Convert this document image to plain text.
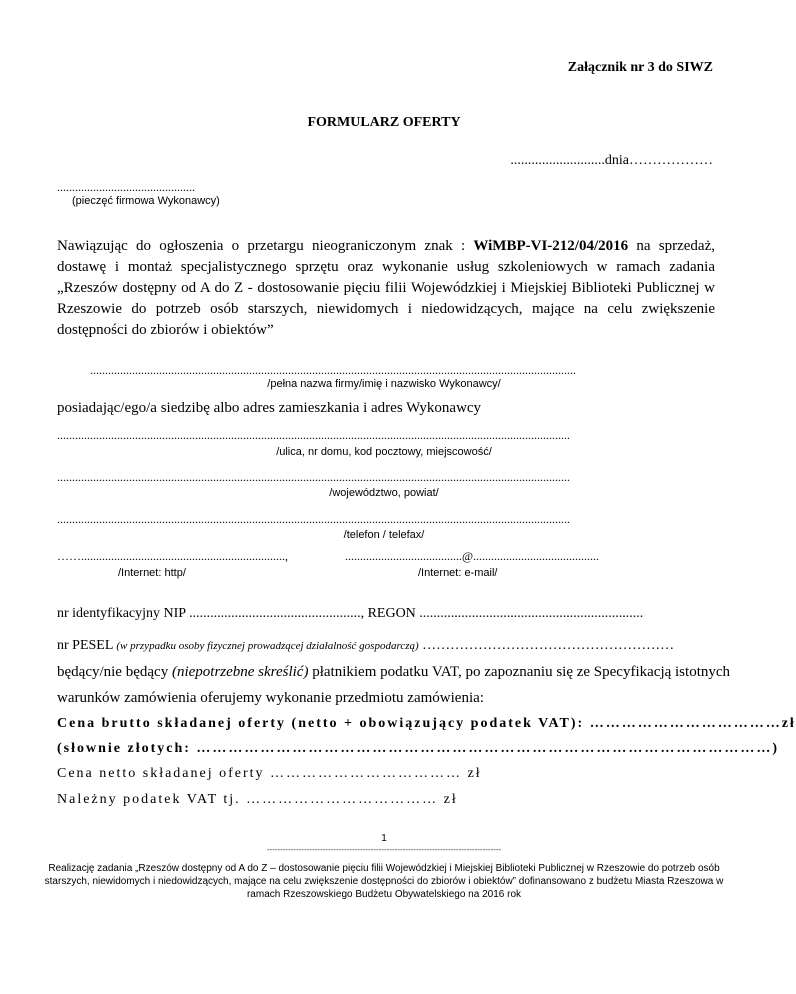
Załącznik nr 3 do SIWZ
FORMULARZ OFERTY
...........................dnia………………
..............................................
(pieczęć firmowa Wykonawcy)
Nawiązując do ogłoszenia o przetargu nieograniczonym znak : WiMBP-VI-212/04/2016 na sprzedaż, dostawę i montaż specjalistycznego sprzętu oraz wykonanie usług szkoleniowych w ramach zadania „Rzeszów dostępny od A do Z - dostosowanie pięciu filii Wojewódzkiej i Miejskiej Biblioteki Publicznej w Rzeszowie do potrzeb osób starszych, niewidomych i niedowidzących, mające na celu zwiększenie dostępności do zbiorów i obiektów”
..................................................................................................................................................................
/pełna nazwa firmy/imię i nazwisko Wykonawcy/
posiadając/ego/a siedzibę albo adres zamieszkania i adres Wykonawcy
...........................................................................................................................................................................
/ulica, nr domu, kod pocztowy, miejscowość/
...........................................................................................................................................................................
/województwo, powiat/
...........................................................................................................................................................................
/telefon / telefax/
……....................................................................,	.......................................@..........................................
/Internet: http/	/Internet: e-mail/
nr identyfikacyjny NIP ................................................., REGON ................................................................
nr PESEL (w przypadku osoby fizycznej prowadzącej działalność gospodarczą) ………………………………………………
będący/nie będący (niepotrzebne skreślić) płatnikiem podatku VAT, po zapoznaniu się ze Specyfikacją istotnych
warunków zamówienia oferujemy wykonanie przedmiotu zamówienia:
Cena brutto składanej oferty (netto + obowiązujący podatek VAT): ………………………………zł
(słownie złotych: ………………………………………………………………………………………………)
Cena netto składanej oferty ……………………………… zł
Należny podatek VAT tj. ……………………………… zł
1
----------------------------------------------------------------------------------------
Realizację zadania „Rzeszów dostępny od A do Z – dostosowanie pięciu filii Wojewódzkiej i Miejskiej Biblioteki Publicznej w Rzeszowie do potrzeb osób starszych, niewidomych i niedowidzących, mające na celu zwiększenie dostępności do zbiorów i obiektów” dofinansowano z budżetu Miasta Rzeszowa w ramach Rzeszowskiego Budżetu Obywatelskiego na 2016 rok
